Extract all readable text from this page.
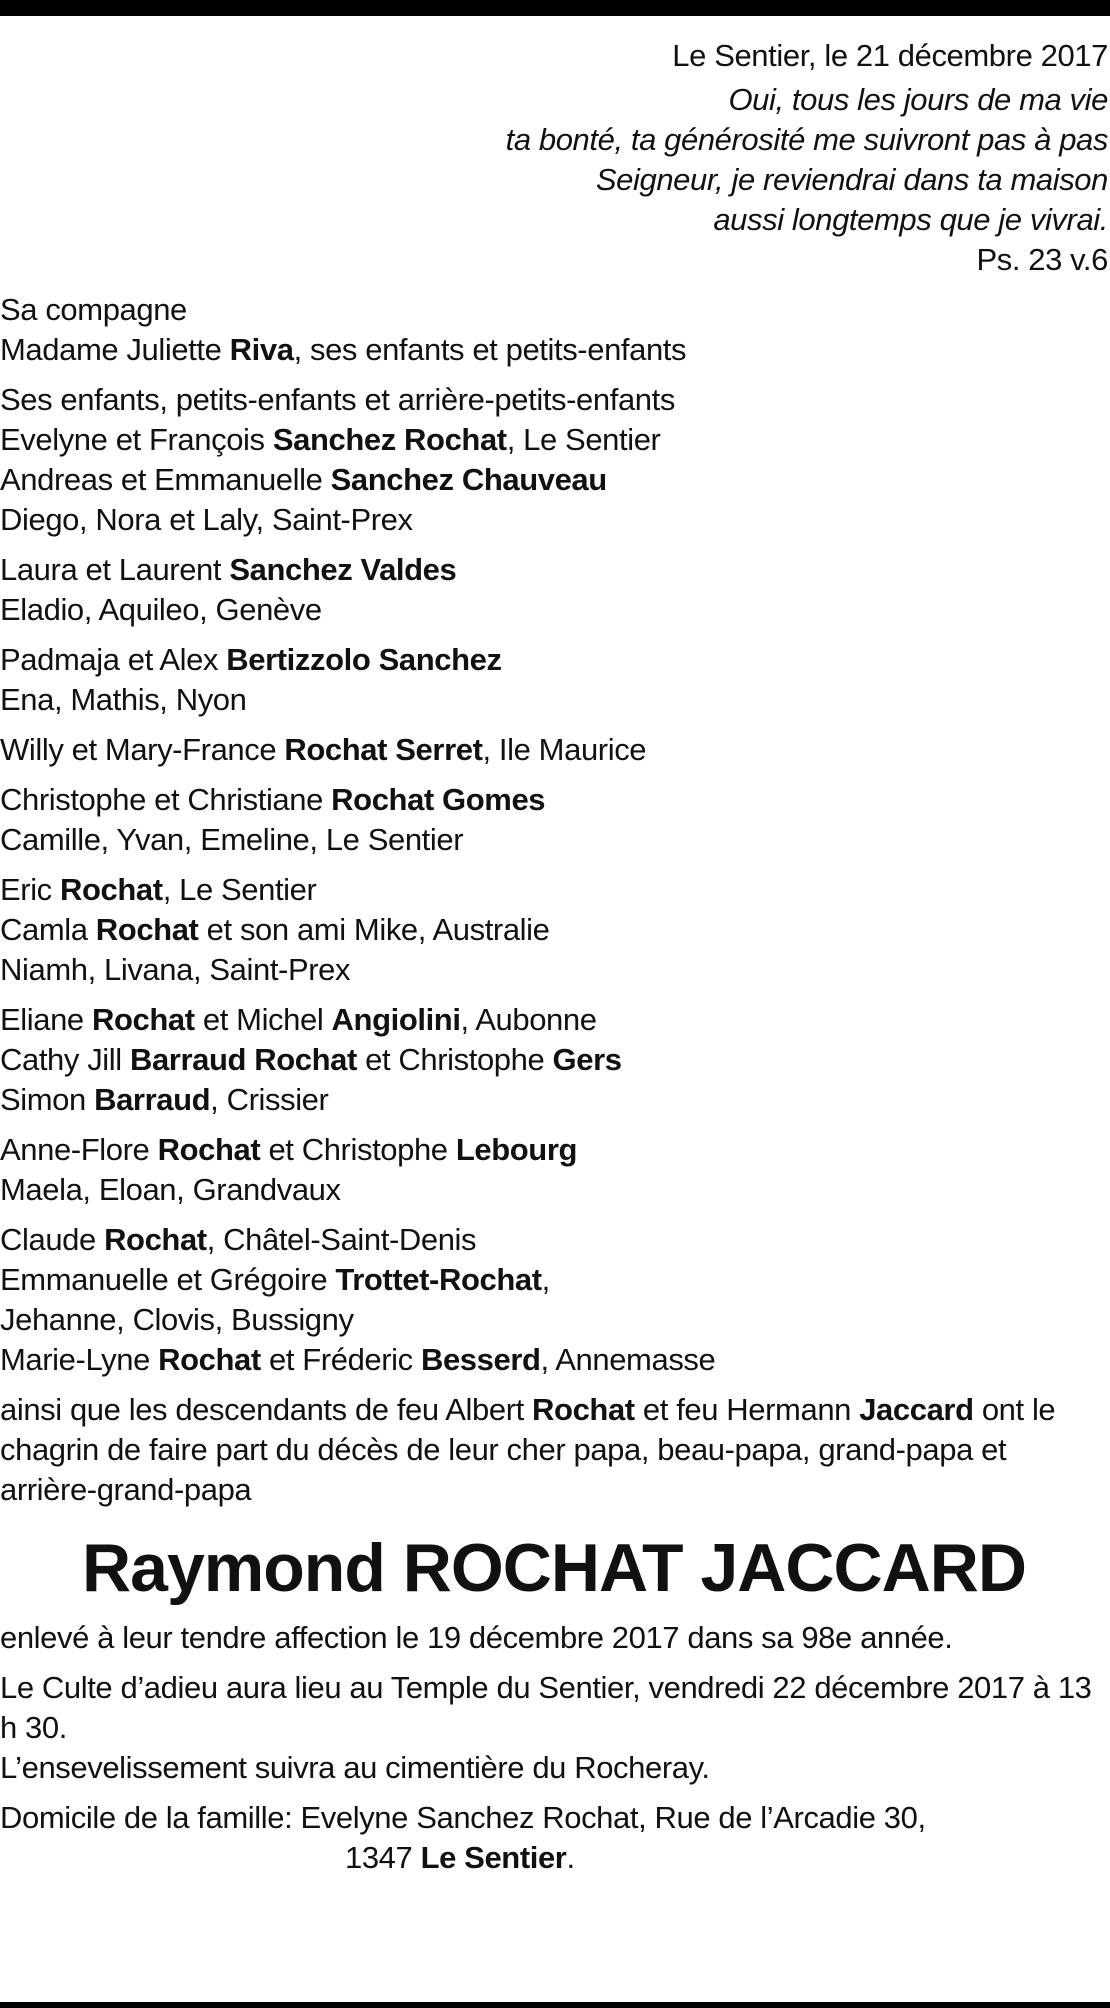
Le Sentier, le 21 décembre 2017
Oui, tous les jours de ma vie
ta bonté, ta générosité me suivront pas à pas
Seigneur, je reviendrai dans ta maison
aussi longtemps que je vivrai.
Ps. 23 v.6
Sa compagne
Madame Juliette Riva, ses enfants et petits-enfants
Ses enfants, petits-enfants et arrière-petits-enfants
Evelyne et François Sanchez Rochat, Le Sentier
Andreas et Emmanuelle Sanchez Chauveau
Diego, Nora et Laly, Saint-Prex
Laura et Laurent Sanchez Valdes
Eladio, Aquileo, Genève
Padmaja et Alex Bertizzolo Sanchez
Ena, Mathis, Nyon
Willy et Mary-France Rochat Serret, Ile Maurice
Christophe et Christiane Rochat Gomes
Camille, Yvan, Emeline, Le Sentier
Eric Rochat, Le Sentier
Camla Rochat et son ami Mike, Australie
Niamh, Livana, Saint-Prex
Eliane Rochat et Michel Angiolini, Aubonne
Cathy Jill Barraud Rochat et Christophe Gers
Simon Barraud, Crissier
Anne-Flore Rochat et Christophe Lebourg
Maela, Eloan, Grandvaux
Claude Rochat, Châtel-Saint-Denis
Emmanuelle et Grégoire Trottet-Rochat,
Jehanne, Clovis, Bussigny
Marie-Lyne Rochat et Fréderic Besserd, Annemasse
ainsi que les descendants de feu Albert Rochat et feu Hermann Jaccard ont le chagrin de faire part du décès de leur cher papa, beau-papa, grand-papa et arrière-grand-papa
Raymond ROCHAT JACCARD
enlevé à leur tendre affection le 19 décembre 2017 dans sa 98e année.
Le Culte d’adieu aura lieu au Temple du Sentier, vendredi 22 décembre 2017 à 13 h 30.
L’ensevelissement suivra au cimentière du Rocheray.
Domicile de la famille: Evelyne Sanchez Rochat, Rue de l’Arcadie 30,
1347 Le Sentier.
